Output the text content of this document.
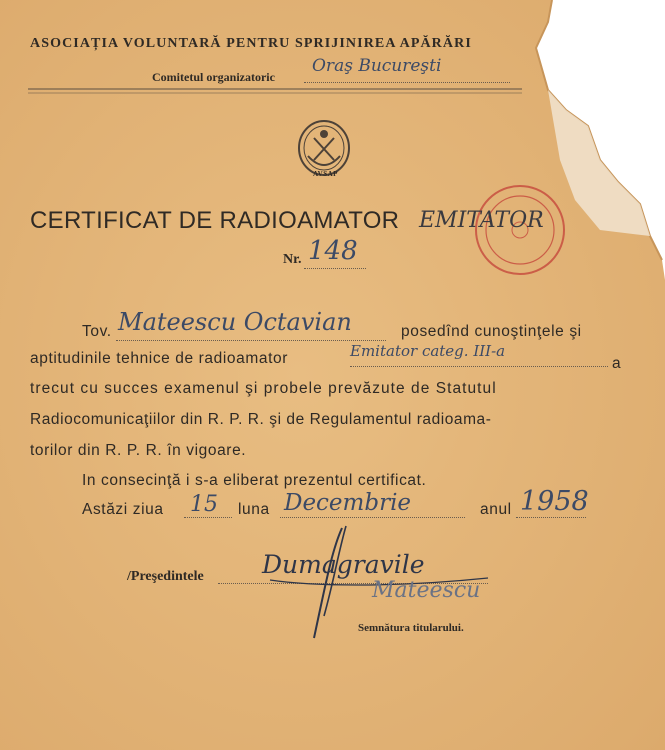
ASOCIAȚIA VOLUNTARĂ PENTRU SPRIJINIREA APĂRĂRI
Comitetul organizatoric
Oraş Bucureşti
AVSAP
CERTIFICAT DE RADIOAMATOR EMITATOR
Nr. 148
Tov. Mateescu Octavian	posedînd cunoştinţele şi
aptitudinile tehnice de radioamator	Emitator categ. III-a
a
trecut cu succes examenul şi probele prevăzute de Statutul
Radiocomunicaţiilor din R. P. R. şi de Regulamentul radioama-
torilor din R. P. R. în vigoare.
In consecinţă i s-a eliberat prezentul certificat.
Astăzi ziua 15 luna Decembrie	anul 1958
/Preşedintele Dumagravile
Mateescu
Semnătura titularului.
